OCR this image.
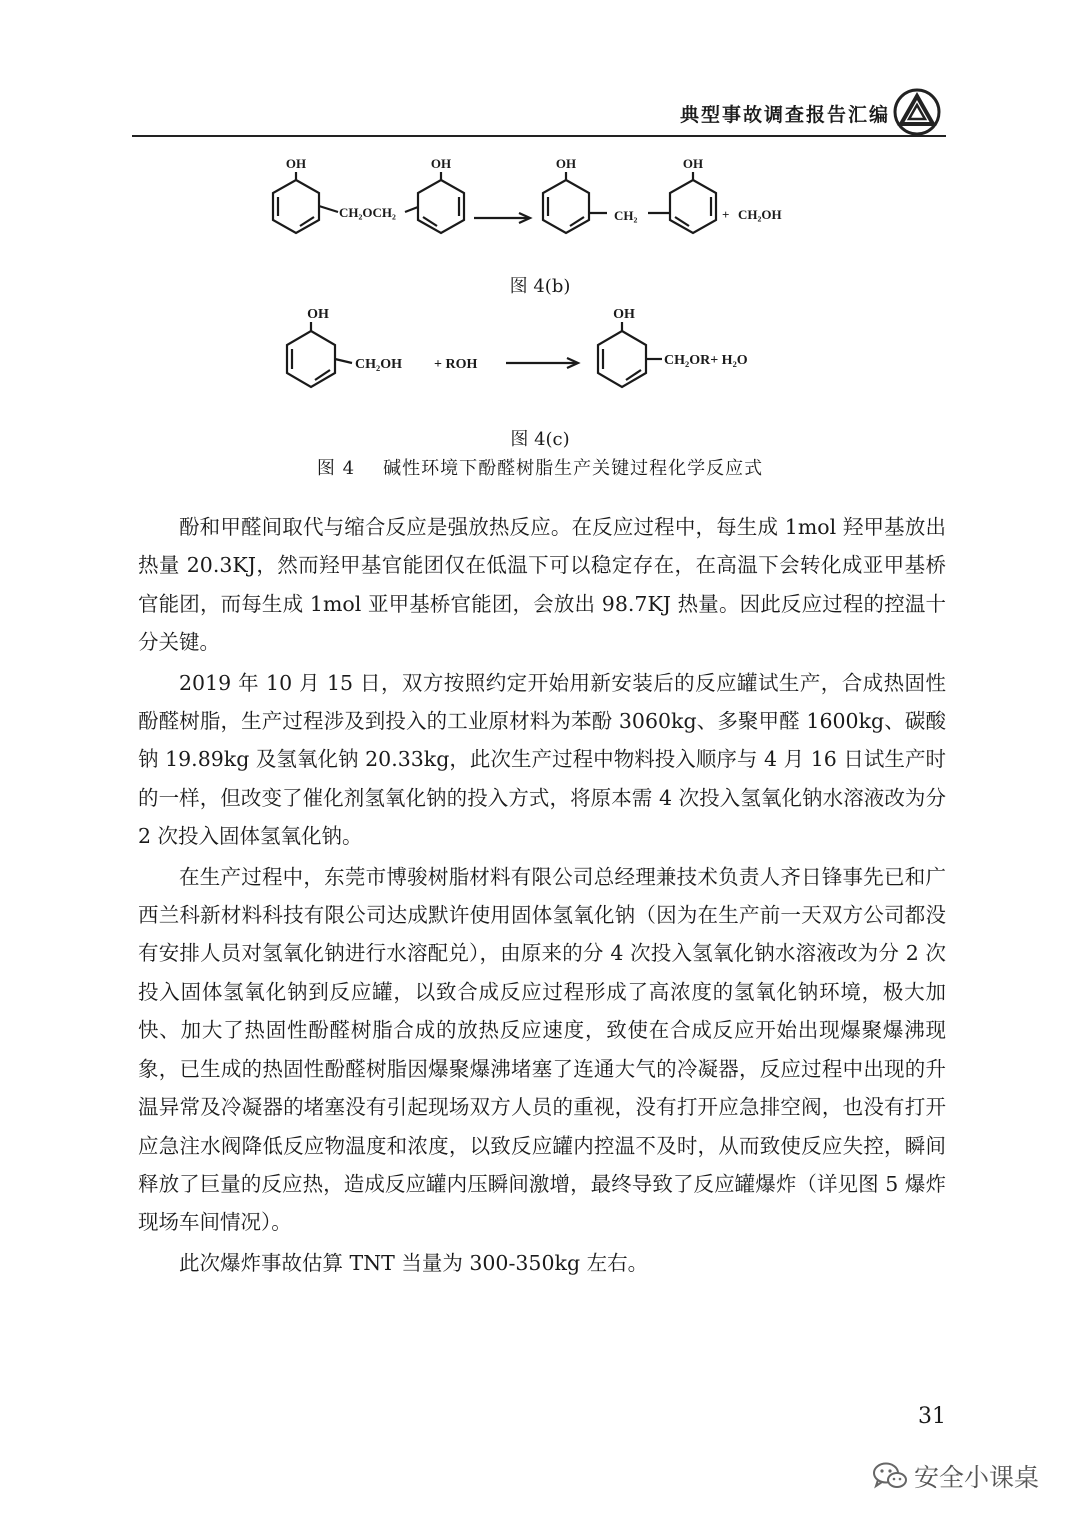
典型事故调查报告汇编
OH	OH	OH	OH
CH₂OCH₂	CH₂	+ CH₂OH
图 4(b)
OH
CH₂OH + ROH
OH
CH₂OR+ H₂O
图 4(c)
图 4 碱性环境下酚醛树脂生产关键过程化学反应式

酚和甲醛间取代与缩合反应是强放热反应。在反应过程中，每生成 1mol 羟甲基放出热量 20.3KJ，然而羟甲基官能团仅在低温下可以稳定存在，在高温下会转化成亚甲基桥官能团，而每生成 1mol 亚甲基桥官能团，会放出 98.7KJ 热量。因此反应过程的控温十分关键。

2019 年 10 月 15 日，双方按照约定开始用新安装后的反应罐试生产，合成热固性酚醛树脂，生产过程涉及到投入的工业原材料为苯酚 3060kg、多聚甲醛 1600kg、碳酸钠 19.89kg 及氢氧化钠 20.33kg，此次生产过程中物料投入顺序与 4 月 16 日试生产时的一样，但改变了催化剂氢氧化钠的投入方式，将原本需 4 次投入氢氧化钠水溶液改为分 2 次投入固体氢氧化钠。

在生产过程中，东莞市博骏树脂材料有限公司总经理兼技术负责人齐日锋事先已和广西兰科新材料科技有限公司达成默许使用固体氢氧化钠（因为在生产前一天双方公司都没有安排人员对氢氧化钠进行水溶配兑），由原来的分 4 次投入氢氧化钠水溶液改为分 2 次投入固体氢氧化钠到反应罐，以致合成反应过程形成了高浓度的氢氧化钠环境，极大加快、加大了热固性酚醛树脂合成的放热反应速度，致使在合成反应开始出现爆聚爆沸现象，已生成的热固性酚醛树脂因爆聚爆沸堵塞了连通大气的冷凝器，反应过程中出现的升温异常及冷凝器的堵塞没有引起现场双方人员的重视，没有打开应急排空阀，也没有打开应急注水阀降低反应物温度和浓度，以致反应罐内控温不及时，从而致使反应失控，瞬间释放了巨量的反应热，造成反应罐内压瞬间激增，最终导致了反应罐爆炸（详见图 5 爆炸现场车间情况）。

此次爆炸事故估算 TNT 当量为 300-350kg 左右。

31
安全小课桌
